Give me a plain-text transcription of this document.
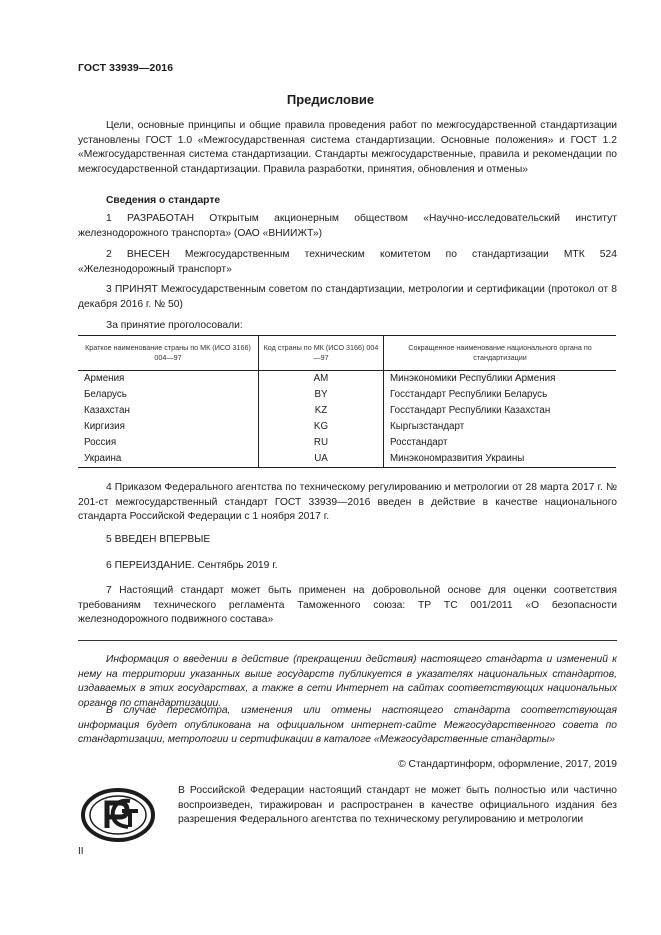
ГОСТ 33939—2016
Предисловие
Цели, основные принципы и общие правила проведения работ по межгосударственной стандартизации установлены ГОСТ 1.0 «Межгосударственная система стандартизации. Основные положения» и ГОСТ 1.2 «Межгосударственная система стандартизации. Стандарты межгосударственные, правила и рекомендации по межгосударственной стандартизации. Правила разработки, принятия, обновления и отмены»
Сведения о стандарте
1 РАЗРАБОТАН Открытым акционерным обществом «Научно-исследовательский институт железнодорожного транспорта» (ОАО «ВНИИЖТ»)
2 ВНЕСЕН Межгосударственным техническим комитетом по стандартизации МТК 524 «Железнодорожный транспорт»
3 ПРИНЯТ Межгосударственным советом по стандартизации, метрологии и сертификации (протокол от 8 декабря 2016 г. № 50)
За принятие проголосовали:
Краткое наименование страны по МК (ИСО 3166) 004—97	Код страны по МК (ИСО 3166) 004—97	Сокращенное наименование национального органа по стандартизации
Армения	AM	Минэкономики Республики Армения
Беларусь	BY	Госстандарт Республики Беларусь
Казахстан	KZ	Госстандарт Республики Казахстан
Киргизия	KG	Кыргызстандарт
Россия	RU	Росстандарт
Украина	UA	Минэкономразвития Украины
4 Приказом Федерального агентства по техническому регулированию и метрологии от 28 марта 2017 г. № 201-ст межгосударственный стандарт ГОСТ 33939—2016 введен в действие в качестве национального стандарта Российской Федерации с 1 ноября 2017 г.
5 ВВЕДЕН ВПЕРВЫЕ
6 ПЕРЕИЗДАНИЕ. Сентябрь 2019 г.
7 Настоящий стандарт может быть применен на добровольной основе для оценки соответствия требованиям технического регламента Таможенного союза: ТР ТС 001/2011 «О безопасности железнодорожного подвижного состава»
Информация о введении в действие (прекращении действия) настоящего стандарта и изменений к нему на территории указанных выше государств публикуется в указателях национальных стандартов, издаваемых в этих государствах, а также в сети Интернет на сайтах соответствующих национальных органов по стандартизации.
В случае пересмотра, изменения или отмены настоящего стандарта соответствующая информация будет опубликована на официальном интернет-сайте Межгосударственного совета по стандартизации, метрологии и сертификации в каталоге «Межгосударственные стандарты»
© Стандартинформ, оформление, 2017, 2019
В Российской Федерации настоящий стандарт не может быть полностью или частично воспроизведен, тиражирован и распространен в качестве официального издания без разрешения Федерального агентства по техническому регулированию и метрологии
II
